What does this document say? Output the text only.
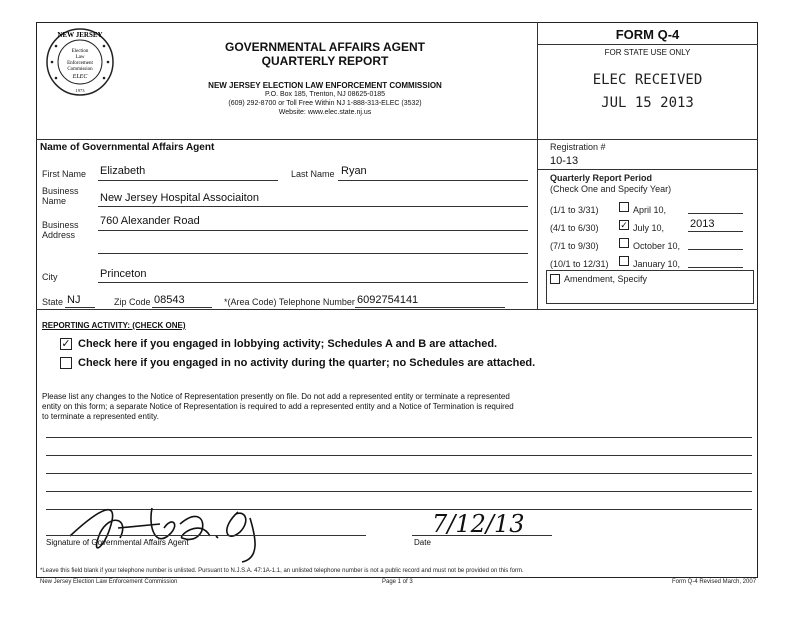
NEW JERSEY
Election
Law
Enforcement
Commission
ELEC
1973
GOVERNMENTAL AFFAIRS AGENT
QUARTERLY REPORT
NEW JERSEY ELECTION LAW ENFORCEMENT COMMISSION
P.O. Box 185, Trenton, NJ 08625-0185
(609) 292-8700 or Toll Free Within NJ 1-888-313-ELEC (3532)
Website: www.elec.state.nj.us
FORM Q-4
FOR STATE USE ONLY
ELEC RECEIVED
JUL 15 2013
Name of Governmental Affairs Agent
First Name Elizabeth	Last Name Ryan
Business
Name	New Jersey Hospital Associaiton
Business
Address
760 Alexander Road
City	Princeton
State NJ	Zip Code 08543	*(Area Code) Telephone Number 6092754141
Registration #
10-13
Quarterly Report Period
(Check One and Specify Year)
(1/1 to 3/31)	April 10,
(4/1 to 6/30) ✓ July 10, 2013
(7/1 to 9/30)	October 10,
(10/1 to 12/31)	January 10,
Amendment, Specify
REPORTING ACTIVITY: (CHECK ONE)
✓ Check here if you engaged in lobbying activity; Schedules A and B are attached.
Check here if you engaged in no activity during the quarter; no Schedules are attached.
Please list any changes to the Notice of Representation presently on file. Do not add a represented entity or terminate a represented
entity on this form; a separate Notice of Representation is required to add a represented entity and a Notice of Termination is required
to terminate a represented entity.
Signature of Governmental Affairs Agent
7/12/13
Date
*Leave this field blank if your telephone number is unlisted. Pursuant to N.J.S.A. 47:1A-1.1, an unlisted telephone number is not a public record and must not be provided on this form.
New Jersey Election Law Enforcement Commission	Page 1 of 3	Form Q-4 Revised March, 2007
